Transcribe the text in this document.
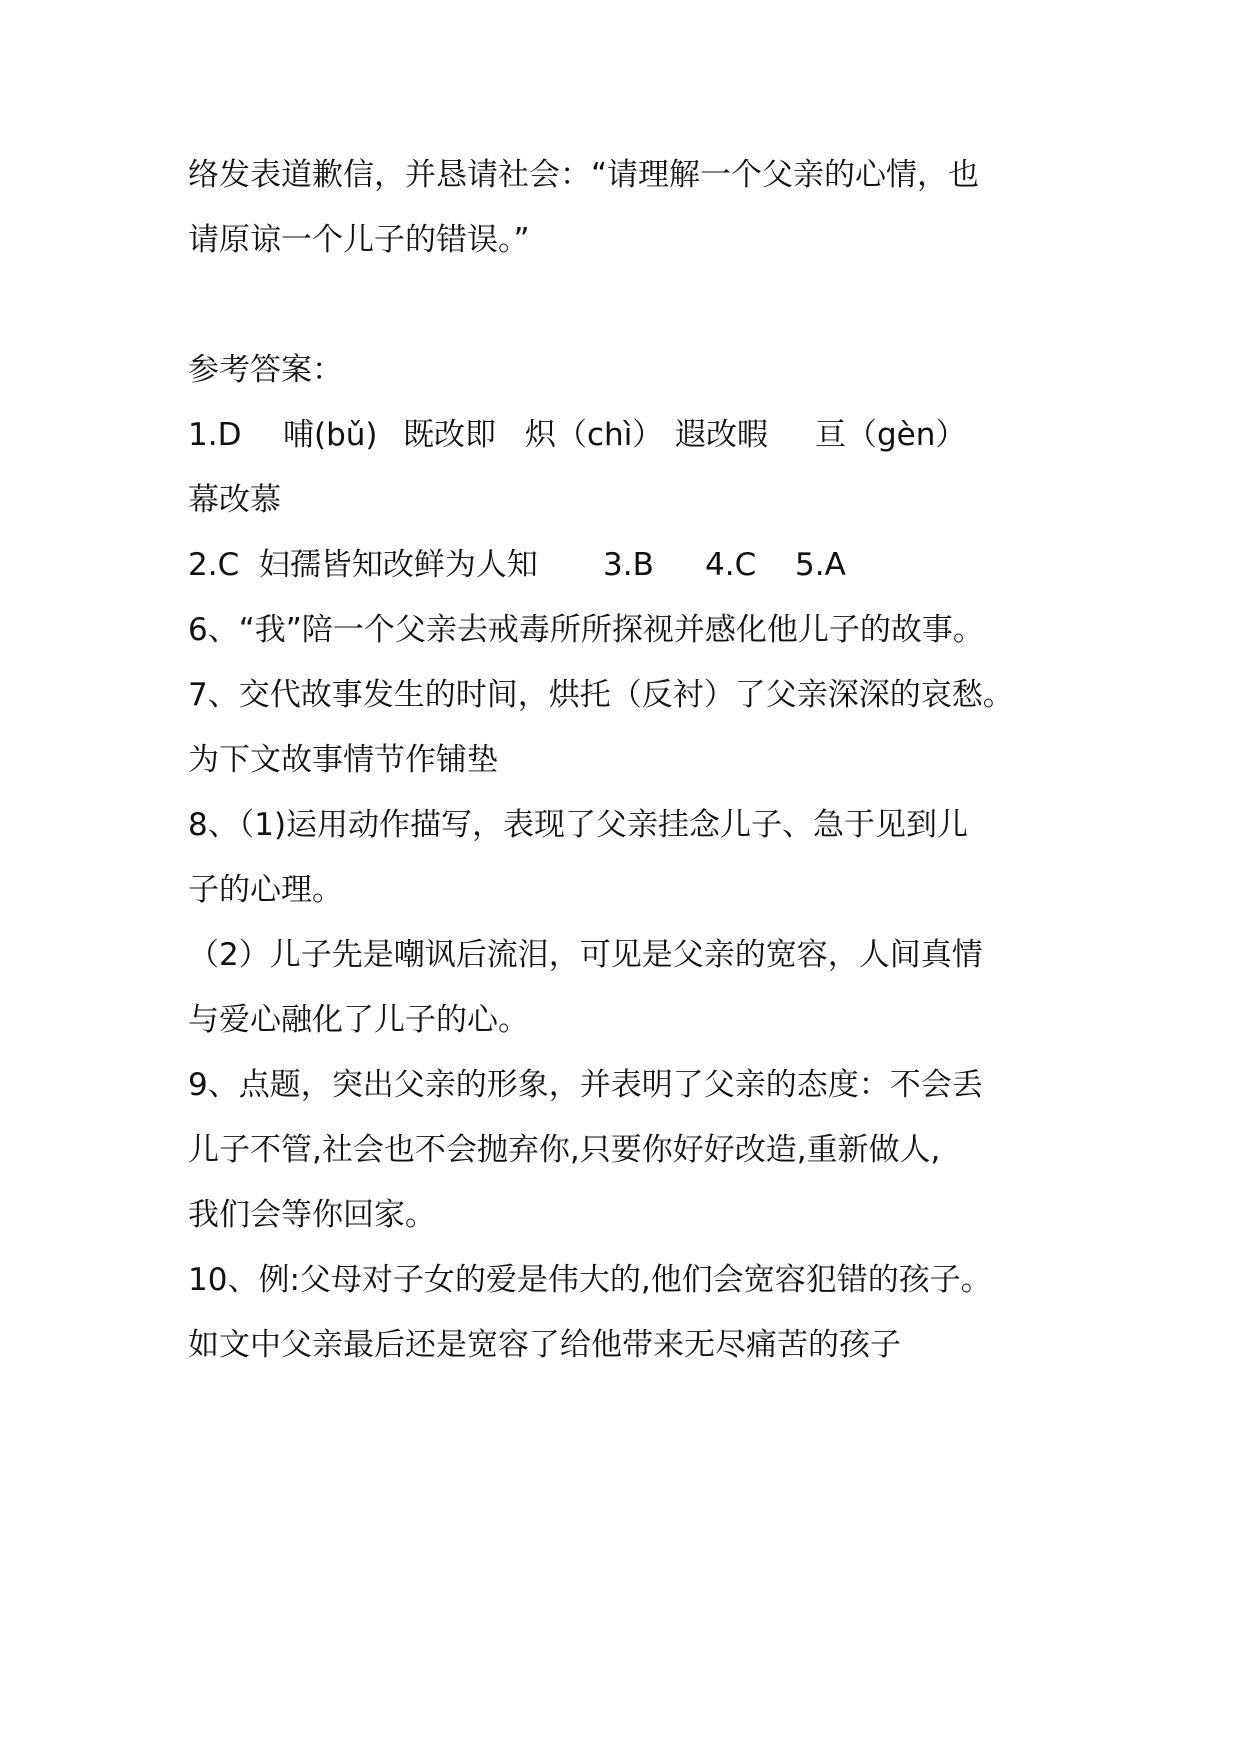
络发表道歉信，并恳请社会：“请理解一个父亲的心情，也
请原谅一个儿子的错误。”
参考答案：
1.D 哺(bǔ) 既改即 炽（chì） 遐改暇 亘（gèn）
幕改慕
2.C  妇孺皆知改鲜为人知 3.B 4.C 5.A
6、“我”陪一个父亲去戒毒所所探视并感化他儿子的故事。
7、交代故事发生的时间，烘托（反衬）了父亲深深的哀愁。
为下文故事情节作铺垫
8、（1)运用动作描写，表现了父亲挂念儿子、急于见到儿
子的心理。
（2）儿子先是嘲讽后流泪，可见是父亲的宽容，人间真情
与爱心融化了儿子的心。
9、点题，突出父亲的形象，并表明了父亲的态度：不会丢
儿子不管,社会也不会抛弃你,只要你好好改造,重新做人,
我们会等你回家。
10、例:父母对子女的爱是伟大的,他们会宽容犯错的孩子。
如文中父亲最后还是宽容了给他带来无尽痛苦的孩子
